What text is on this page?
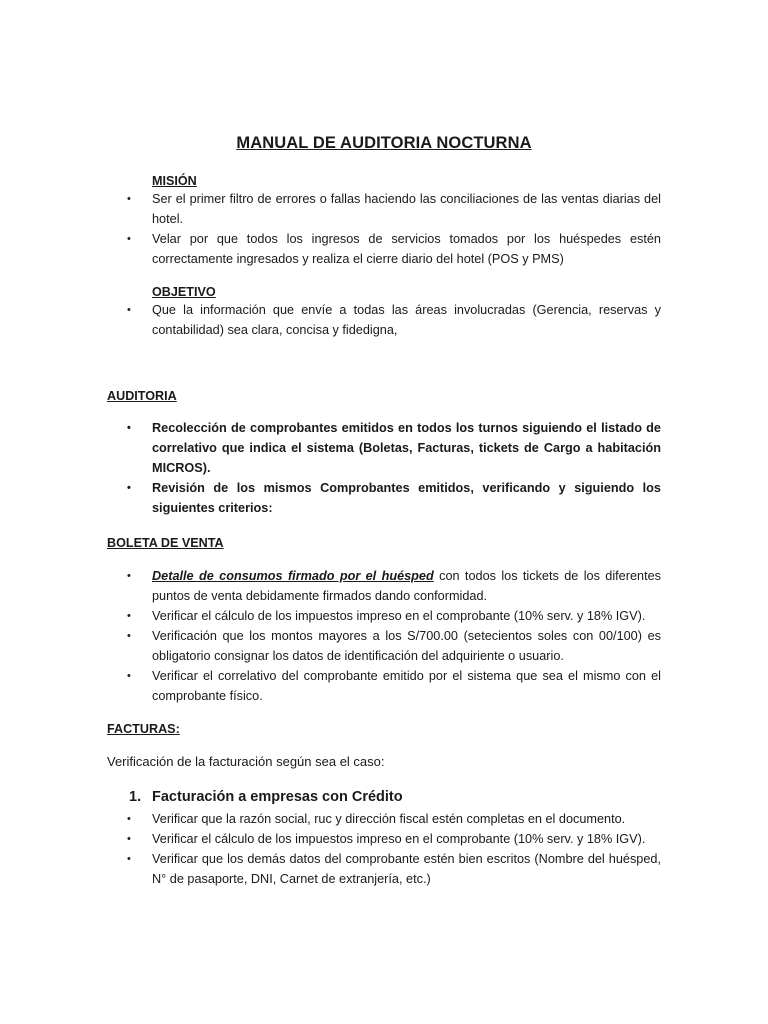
MANUAL DE AUDITORIA NOCTURNA
MISIÓN
• Ser el primer filtro de errores o fallas haciendo las conciliaciones de las ventas diarias del hotel.
• Velar por que todos los ingresos de servicios tomados por los huéspedes estén correctamente ingresados y realiza el cierre diario del hotel (POS y PMS)
OBJETIVO
• Que la información que envíe a todas las áreas involucradas (Gerencia, reservas y contabilidad) sea clara, concisa y fidedigna,
AUDITORIA
• Recolección de comprobantes emitidos en todos los turnos siguiendo el listado de correlativo que indica el sistema (Boletas, Facturas, tickets de Cargo a habitación MICROS).
• Revisión de los mismos Comprobantes emitidos, verificando y siguiendo los siguientes criterios:
BOLETA DE VENTA
• Detalle de consumos firmado por el huésped con todos los tickets de los diferentes puntos de venta debidamente firmados dando conformidad.
• Verificar el cálculo de los impuestos impreso en el comprobante (10% serv. y 18% IGV).
• Verificación que los montos mayores a los S/700.00 (setecientos soles con 00/100) es obligatorio consignar los datos de identificación del adquiriente o usuario.
• Verificar el correlativo del comprobante emitido por el sistema que sea el mismo con el comprobante físico.
FACTURAS:
Verificación de la facturación según sea el caso:
1. Facturación a empresas con Crédito
• Verificar que la razón social, ruc y dirección fiscal estén completas en el documento.
• Verificar el cálculo de los impuestos impreso en el comprobante (10% serv. y 18% IGV).
• Verificar que los demás datos del comprobante estén bien escritos (Nombre del huésped, N° de pasaporte, DNI, Carnet de extranjería, etc.)
